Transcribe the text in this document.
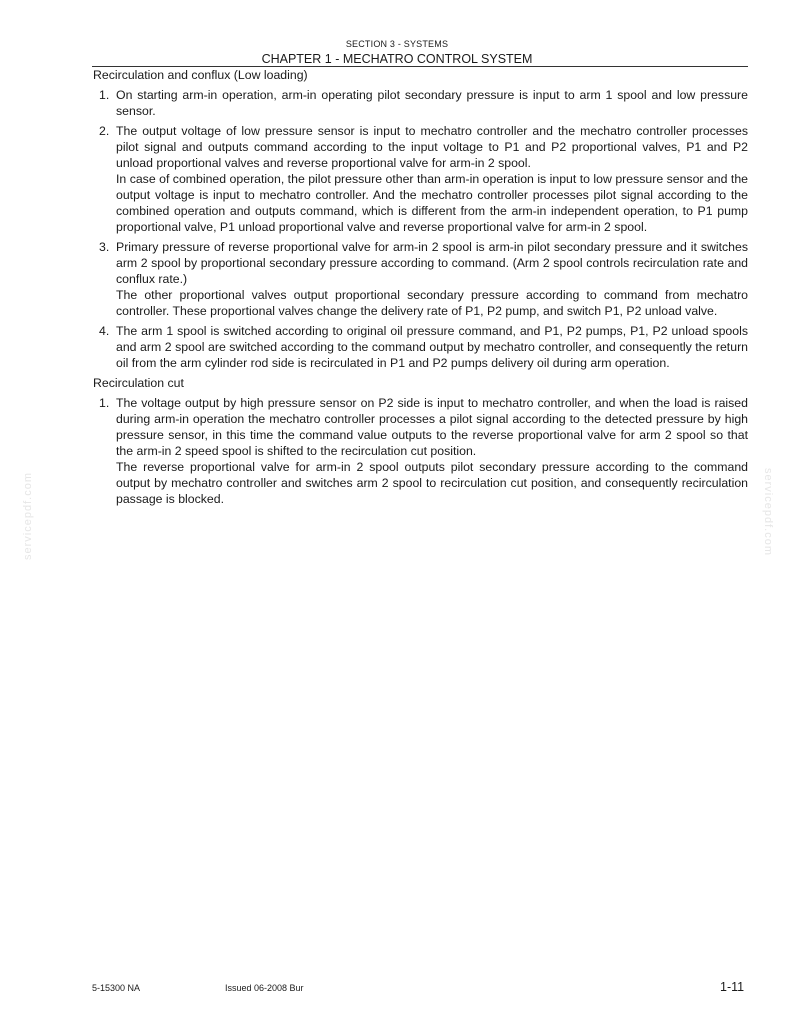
SECTION 3 - SYSTEMS
CHAPTER 1 - MECHATRO CONTROL SYSTEM
Recirculation and conflux (Low loading)
1. On starting arm-in operation, arm-in operating pilot secondary pressure is input to arm 1 spool and low pressure sensor.

2. The output voltage of low pressure sensor is input to mechatro controller and the mechatro controller processes pilot signal and outputs command according to the input voltage to P1 and P2 proportional valves, P1 and P2 unload proportional valves and reverse proportional valve for arm-in 2 spool.

In case of combined operation, the pilot pressure other than arm-in operation is input to low pressure sensor and the output voltage is input to mechatro controller. And the mechatro controller processes pilot signal according to the combined operation and outputs command, which is different from the arm-in independent operation, to P1 pump proportional valve, P1 unload proportional valve and reverse proportional valve for arm-in 2 spool.

3. Primary pressure of reverse proportional valve for arm-in 2 spool is arm-in pilot secondary pressure and it switches arm 2 spool by proportional secondary pressure according to command. (Arm 2 spool controls recirculation rate and conflux rate.)

The other proportional valves output proportional secondary pressure according to command from mechatro controller. These proportional valves change the delivery rate of P1, P2 pump, and switch P1, P2 unload valve.

4. The arm 1 spool is switched according to original oil pressure command, and P1, P2 pumps, P1, P2 unload spools and arm 2 spool are switched according to the command output by mechatro controller, and consequently the return oil from the arm cylinder rod side is recirculated in P1 and P2 pumps delivery oil during arm operation.

Recirculation cut
1. The voltage output by high pressure sensor on P2 side is input to mechatro controller, and when the load is raised during arm-in operation the mechatro controller processes a pilot signal according to the detected pressure by high pressure sensor, in this time the command value outputs to the reverse proportional valve for arm 2 spool so that the arm-in 2 speed spool is shifted to the recirculation cut position.

The reverse proportional valve for arm-in 2 spool outputs pilot secondary pressure according to the command output by mechatro controller and switches arm 2 spool to recirculation cut position, and consequently recirculation passage is blocked.

servicepdf.com	servicepdf.com
5-15300 NA	Issued 06-2008 Bur	1-11
